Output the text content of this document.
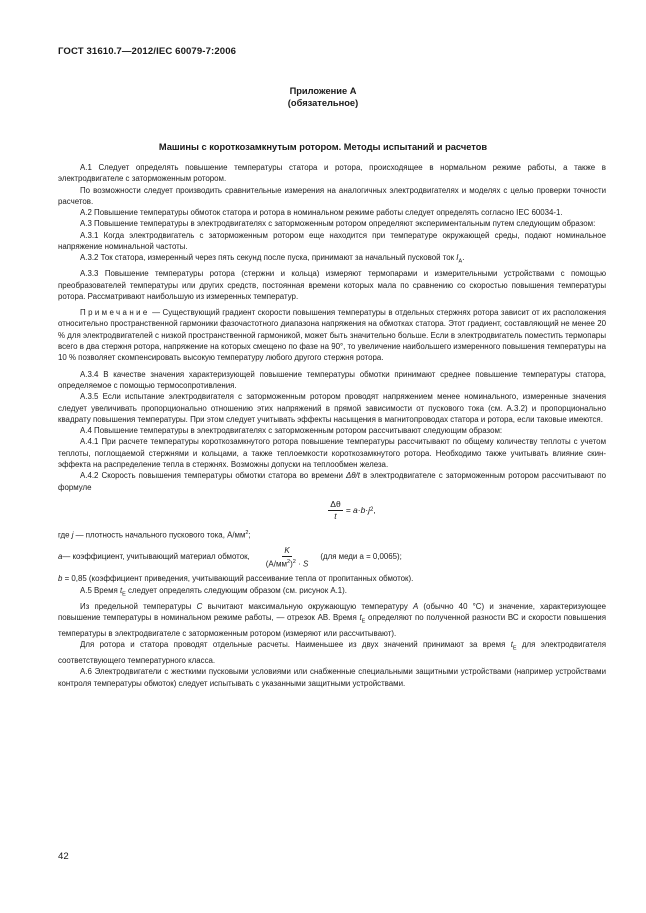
ГОСТ 31610.7—2012/IEC 60079-7:2006
Приложение А
(обязательное)
Машины с короткозамкнутым ротором. Методы испытаний и расчетов

А.1 Следует определять повышение температуры статора и ротора, происходящее в нормальном режиме работы, а также в электродвигателе с заторможенным ротором.

По возможности следует производить сравнительные измерения на аналогичных электродвигателях и моделях с целью проверки точности расчетов.

А.2 Повышение температуры обмоток статора и ротора в номинальном режиме работы следует определять согласно IEC 60034-1.

А.3 Повышение температуры в электродвигателях с заторможенным ротором определяют экспериментальным путем следующим образом:

А.3.1 Когда электродвигатель с заторможенным ротором еще находится при температуре окружающей среды, подают номинальное напряжение номинальной частоты.

А.3.2 Ток статора, измеренный через пять секунд после пуска, принимают за начальный пусковой ток $I_А$.

А.3.3 Повышение температуры ротора (стержни и кольца) измеряют термопарами и измерительными устройствами с помощью преобразователей температуры или других средств, постоянная времени которых мала по сравнению со скоростью повышения температуры ротора. Рассматривают наибольшую из измеренных температур.

Примечание — Существующий градиент скорости повышения температуры в отдельных стержнях ротора зависит от их расположения относительно пространственной гармоники фазочастотного диапазона напряжения на обмотках статора. Этот градиент, составляющий не менее 20 % для электродвигателей с низкой пространственной гармоникой, может быть значительно больше. Если в электродвигатель поместить термопары всего в два стержня ротора, напряжение на которых смещено по фазе на 90°, то увеличение наибольшего измеренного повышения температуры на 10 % позволяет скомпенсировать высокую температуру любого другого стержня ротора.

А.3.4 В качестве значения характеризующей повышение температуры обмотки принимают среднее повышение температуры статора, определяемое с помощью термосопротивления.

А.3.5 Если испытание электродвигателя с заторможенным ротором проводят напряжением менее номинального, измеренные значения следует увеличивать пропорционально отношению этих напряжений в прямой зависимости от пускового тока (см. А.3.2) и пропорционально квадрату повышения температуры. При этом следует учитывать эффекты насыщения в магнитопроводах статора и ротора, если таковые имеются.

А.4 Повышение температуры в электродвигателях с заторможенным ротором рассчитывают следующим образом:

А.4.1 При расчете температуры короткозамкнутого ротора повышение температуры рассчитывают по общему количеству теплоты с учетом теплоты, поглощаемой стержнями и кольцами, а также теплоемкости короткозамкнутого ротора. Необходимо также учитывать влияние скин-эффекта на распределение тепла в стержнях. Возможны допуски на теплообмен железа.

А.4.2 Скорость повышения температуры обмотки статора во времени Δθ/t в электродвигателе с заторможенным ротором рассчитывают по формуле

$\frac{\Delta\theta}{t} = a\cdot b\cdot j$ 2 ,

где j — плотность начального пускового тока, $А/мм^2$;

a — коэффициент, учитывающий материал обмоток, $\frac{K}{(А/мм^2)^2 \cdot S} (для$ меди a = 0,0065);

b = 0,85 (коэффициент приведения, учитывающий рассеивание тепла от пропитанных обмоток).

А.5 Время $t_E$ следует определять следующим образом (см. рисунок А.1).

Из предельной температуры C вычитают максимальную окружающую температуру A (обычно 40 °C) и значение, характеризующее повышение температуры в номинальном режиме работы, — отрезок АВ. Время $t_E$ определяют по полученной разности ВС и скорости повышения температуры в электродвигателе с заторможенным ротором (измеряют или рассчитывают).

Для ротора и статора проводят отдельные расчеты. Наименьшее из двух значений принимают за время $t_E$ для электродвигателя соответствующего температурного класса.

А.6 Электродвигатели с жесткими пусковыми условиями или снабженные специальными защитными устройствами (например устройствами контроля температуры обмоток) следует испытывать с указанными защитными устройствами.

42
